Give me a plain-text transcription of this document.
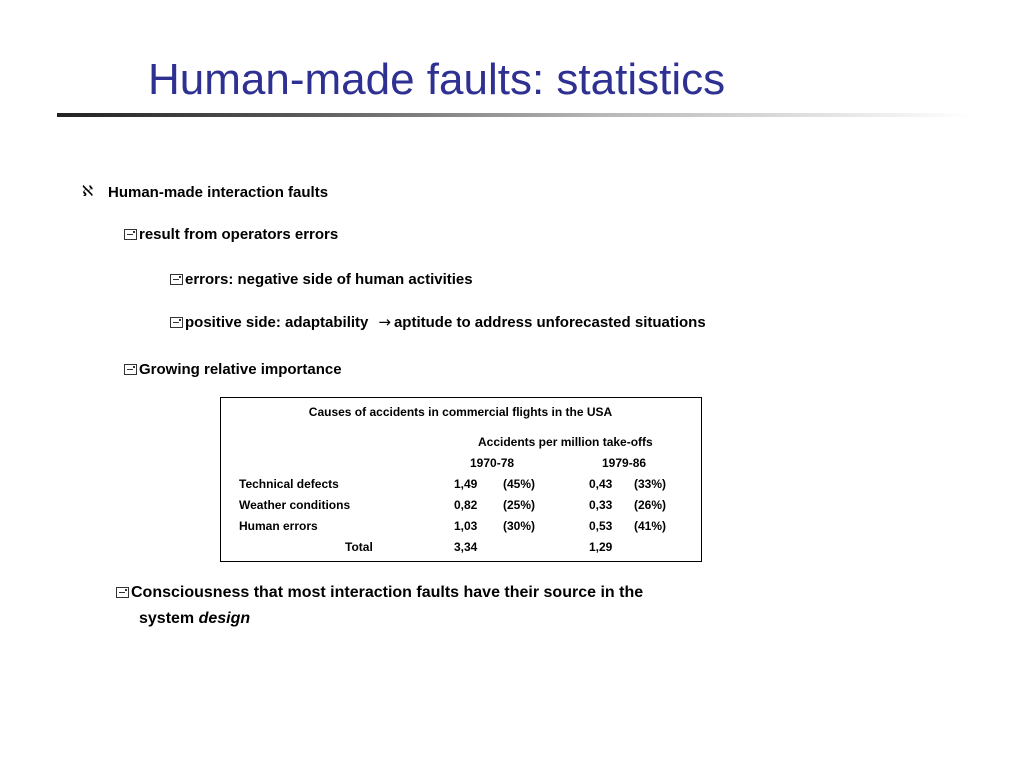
Human-made faults: statistics
ℵ Human-made interaction faults
result from operators errors
errors: negative side of human activities
positive side: adaptability → aptitude to address unforecasted situations
Growing relative importance
Causes of accidents in commercial flights in the USA
Accidents per million take-offs
1970-78	1979-86
Technical defects	1,49 (45%)	0,43 (33%)
Weather conditions	0,82 (25%)	0,33 (26%)
Human errors	1,03 (30%)	0,53 (41%)
Total	3,34	1,29
Consciousness that most interaction faults have their source in the
system design
